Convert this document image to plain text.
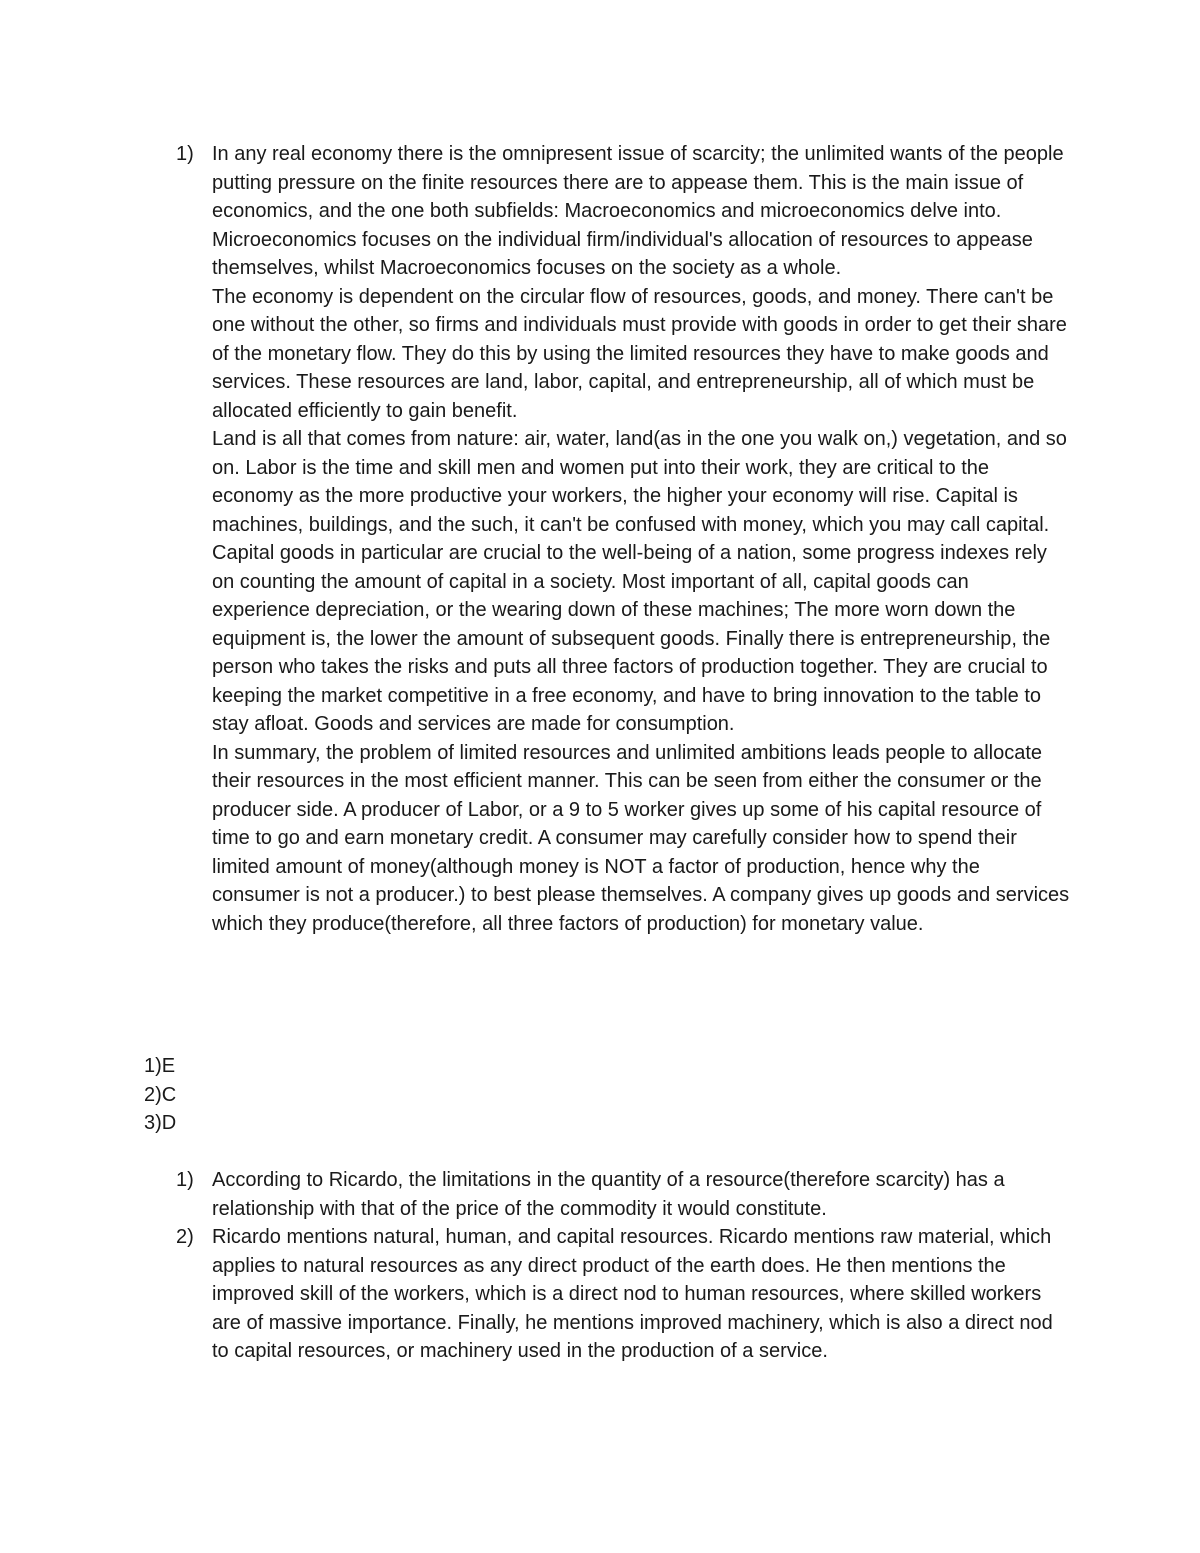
1) In any real economy there is the omnipresent issue of scarcity; the unlimited wants of the people putting pressure on the finite resources there are to appease them. This is the main issue of economics, and the one both subfields: Macroeconomics and microeconomics delve into. Microeconomics focuses on the individual firm/individual's allocation of resources to appease themselves, whilst Macroeconomics focuses on the society as a whole.

The economy is dependent on the circular flow of resources, goods, and money. There can't be one without the other, so firms and individuals must provide with goods in order to get their share of the monetary flow. They do this by using the limited resources they have to make goods and services. These resources are land, labor, capital, and entrepreneurship, all of which must be allocated efficiently to gain benefit.

Land is all that comes from nature: air, water, land(as in the one you walk on,) vegetation, and so on. Labor is the time and skill men and women put into their work, they are critical to the economy as the more productive your workers, the higher your economy will rise. Capital is machines, buildings, and the such, it can't be confused with money, which you may call capital. Capital goods in particular are crucial to the well-being of a nation, some progress indexes rely on counting the amount of capital in a society. Most important of all, capital goods can experience depreciation, or the wearing down of these machines; The more worn down the equipment is, the lower the amount of subsequent goods. Finally there is entrepreneurship, the person who takes the risks and puts all three factors of production together. They are crucial to keeping the market competitive in a free economy, and have to bring innovation to the table to stay afloat. Goods and services are made for consumption.

In summary, the problem of limited resources and unlimited ambitions leads people to allocate their resources in the most efficient manner. This can be seen from either the consumer or the producer side. A producer of Labor, or a 9 to 5 worker gives up some of his capital resource of time to go and earn monetary credit. A consumer may carefully consider how to spend their limited amount of money(although money is NOT a factor of production, hence why the consumer is not a producer.) to best please themselves. A company gives up goods and services which they produce(therefore, all three factors of production) for monetary value.

1)E
2)C
3)D
1) According to Ricardo, the limitations in the quantity of a resource(therefore scarcity) has a relationship with that of the price of the commodity it would constitute.

2) Ricardo mentions natural, human, and capital resources. Ricardo mentions raw material, which applies to natural resources as any direct product of the earth does. He then mentions the improved skill of the workers, which is a direct nod to human resources, where skilled workers are of massive importance. Finally, he mentions improved machinery, which is also a direct nod to capital resources, or machinery used in the production of a service.
